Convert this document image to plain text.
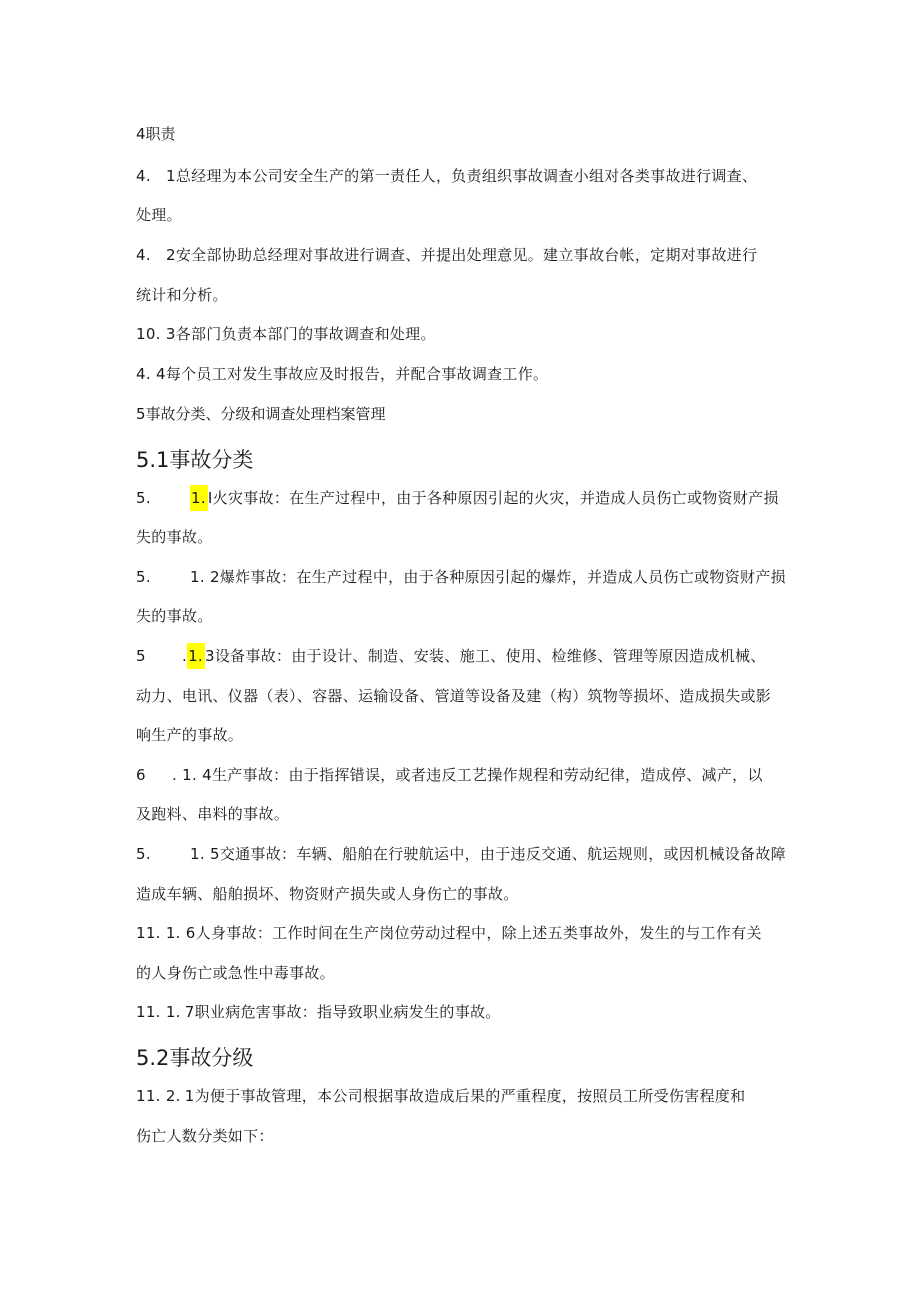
4职责
4. 1总经理为本公司安全生产的第一责任人，负责组织事故调查小组对各类事故进行调查、
处理。
4. 2安全部协助总经理对事故进行调查、并提出处理意见。建立事故台帐，定期对事故进行
统计和分析。
10. 3各部门负责本部门的事故调查和处理。
4. 4每个员工对发生事故应及时报告，并配合事故调查工作。
5事故分类、分级和调查处理档案管理
5.1事故分类
5.	1. I火灾事故：在生产过程中，由于各种原因引起的火灾，并造成人员伤亡或物资财产损
失的事故。
5.	1. 2爆炸事故：在生产过程中，由于各种原因引起的爆炸，并造成人员伤亡或物资财产损
失的事故。
5 .1. 3设备事故：由于设计、制造、安装、施工、使用、检维修、管理等原因造成机械、
动力、电讯、仪器（表）、容器、运输设备、管道等设备及建（构）筑物等损坏、造成损失或影
响生产的事故。
6 . 1. 4生产事故：由于指挥错误，或者违反工艺操作规程和劳动纪律，造成停、减产，以
及跑料、串料的事故。
5.	1. 5交通事故：车辆、船舶在行驶航运中，由于违反交通、航运规则，或因机械设备故障
造成车辆、船舶损坏、物资财产损失或人身伤亡的事故。
11. 1. 6人身事故：工作时间在生产岗位劳动过程中，除上述五类事故外，发生的与工作有关
的人身伤亡或急性中毒事故。
11. 1. 7职业病危害事故：指导致职业病发生的事故。
5.2事故分级
11. 2. 1为便于事故管理，本公司根据事故造成后果的严重程度，按照员工所受伤害程度和
伤亡人数分类如下：
